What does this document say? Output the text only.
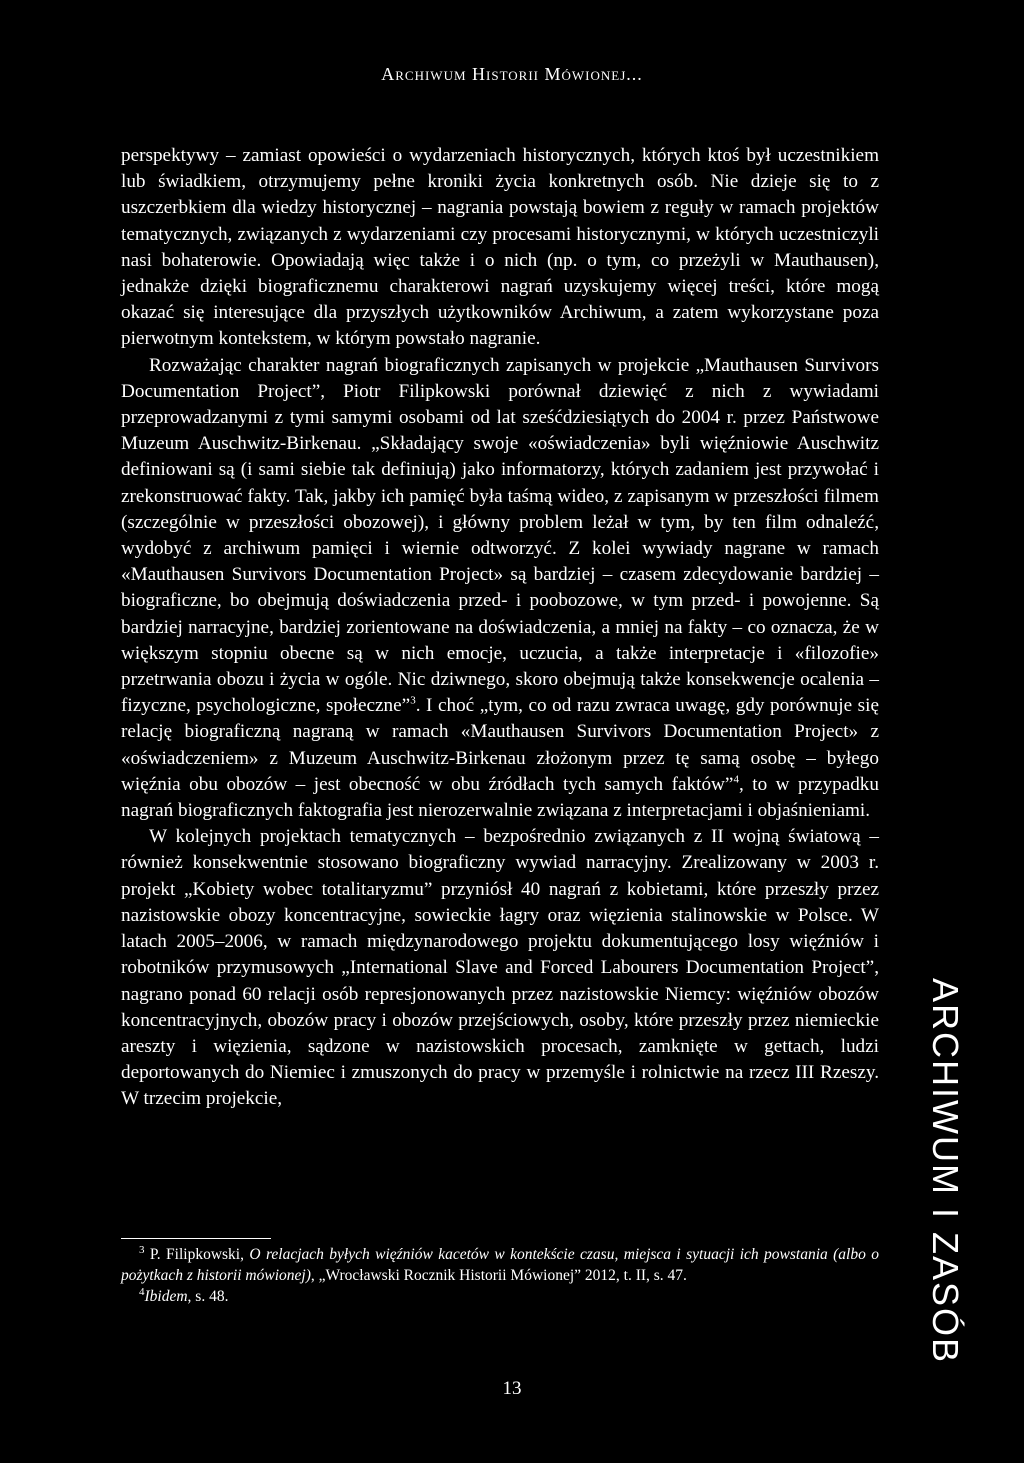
Archiwum Historii Mówionej...

perspektywy – zamiast opowieści o wydarzeniach historycznych, których ktoś był uczestnikiem lub świadkiem, otrzymujemy pełne kroniki życia konkretnych osób. Nie dzieje się to z uszczerbkiem dla wiedzy historycznej – nagrania powstają bowiem z reguły w ramach projektów tematycznych, związanych z wydarzeniami czy procesami historycznymi, w których uczestniczyli nasi bohaterowie. Opowiadają więc także i o nich (np. o tym, co przeżyli w Mauthausen), jednakże dzięki biograficznemu charakterowi nagrań uzyskujemy więcej treści, które mogą okazać się interesujące dla przyszłych użytkowników Archiwum, a zatem wykorzystane poza pierwotnym kontekstem, w którym powstało nagranie.

Rozważając charakter nagrań biograficznych zapisanych w projekcie „Mauthausen Survivors Documentation Project”, Piotr Filipkowski porównał dziewięć z nich z wywiadami przeprowadzanymi z tymi samymi osobami od lat sześćdziesiątych do 2004 r. przez Państwowe Muzeum Auschwitz-Birkenau. „Składający swoje «oświadczenia» byli więźniowie Auschwitz definiowani są (i sami siebie tak definiują) jako informatorzy, których zadaniem jest przywołać i zrekonstruować fakty. Tak, jakby ich pamięć była taśmą wideo, z zapisanym w przeszłości filmem (szczególnie w przeszłości obozowej), i główny problem leżał w tym, by ten film odnaleźć, wydobyć z archiwum pamięci i wiernie odtworzyć. Z kolei wywiady nagrane w ramach «Mauthausen Survivors Documentation Project» są bardziej – czasem zdecydowanie bardziej – biograficzne, bo obejmują doświadczenia przed- i poobozowe, w tym przed- i powojenne. Są bardziej narracyjne, bardziej zorientowane na doświadczenia, a mniej na fakty – co oznacza, że w większym stopniu obecne są w nich emocje, uczucia, a także interpretacje i «filozofie» przetrwania obozu i życia w ogóle. Nic dziwnego, skoro obejmują także konsekwencje ocalenia – fizyczne, psychologiczne, społeczne”$^3$. I choć „tym, co od razu zwraca uwagę, gdy porównuje się relację biograficzną nagraną w ramach «Mauthausen Survivors Documentation Project» z «oświadczeniem» z Muzeum Auschwitz-Birkenau złożonym przez tę samą osobę – byłego więźnia obu obozów – jest obecność w obu źródłach tych samych faktów”$^4$, to w przypadku nagrań biograficznych faktografia jest nierozerwalnie związana z interpretacjami i objaśnieniami.

W kolejnych projektach tematycznych – bezpośrednio związanych z II wojną światową – również konsekwentnie stosowano biograficzny wywiad narracyjny. Zrealizowany w 2003 r. projekt „Kobiety wobec totalitaryzmu” przyniósł 40 nagrań z kobietami, które przeszły przez nazistowskie obozy koncentracyjne, sowieckie łagry oraz więzienia stalinowskie w Polsce. W latach 2005–2006, w ramach międzynarodowego projektu dokumentującego losy więźniów i robotników przymusowych „International Slave and Forced Labourers Documentation Project”, nagrano ponad 60 relacji osób represjonowanych przez nazistowskie Niemcy: więźniów obozów koncentracyjnych, obozów pracy i obozów przejściowych, osoby, które przeszły przez niemieckie areszty i więzienia, sądzone w nazistowskich procesach, zamknięte w gettach, ludzi deportowanych do Niemiec i zmuszonych do pracy w przemyśle i rolnictwie na rzecz III Rzeszy. W trzecim projekcie,

$^3$ P. Filipkowski, O relacjach byłych więźniów kacetów w kontekście czasu, miejsca i sytuacji ich powstania (albo o pożytkach z historii mówionej), „Wrocławski Rocznik Historii Mówionej” 2012, t. II, s. 47.

$^4$Ibidem, s. 48.	ARCHIWUM I ZASÓB
13
